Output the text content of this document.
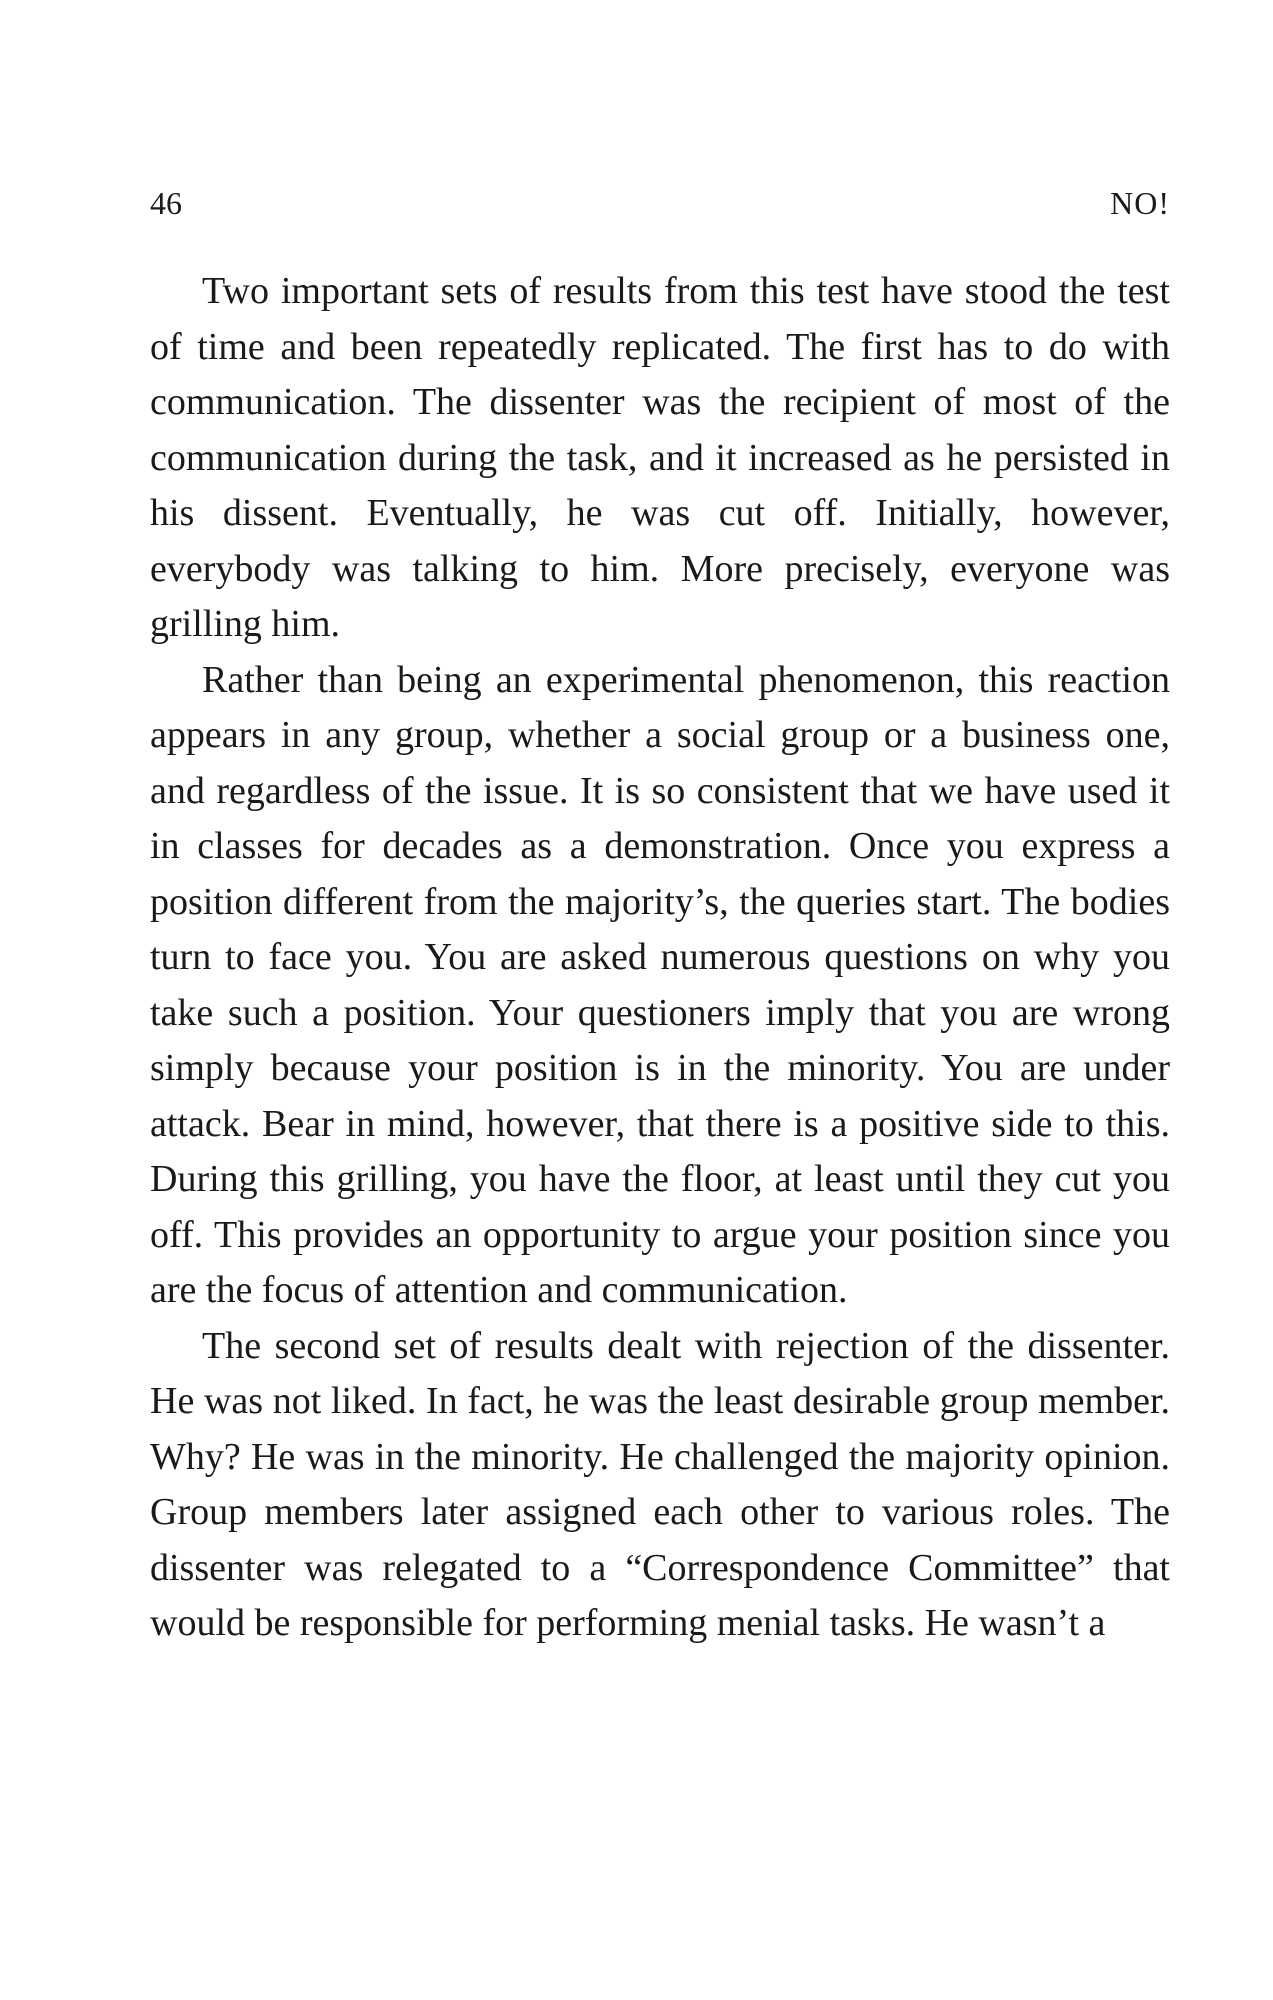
46	NO!

Two important sets of results from this test have stood the test of time and been repeatedly replicated. The first has to do with communication. The dissenter was the recipient of most of the communication during the task, and it increased as he persisted in his dissent. Eventually, he was cut off. Initially, however, everybody was talking to him. More precisely, everyone was grilling him.

Rather than being an experimental phenomenon, this reaction appears in any group, whether a social group or a business one, and regardless of the issue. It is so consistent that we have used it in classes for decades as a demonstration. Once you express a position different from the majority’s, the queries start. The bodies turn to face you. You are asked numerous questions on why you take such a position. Your questioners imply that you are wrong simply because your position is in the minority. You are under attack. Bear in mind, however, that there is a positive side to this. During this grilling, you have the floor, at least until they cut you off. This provides an opportunity to argue your position since you are the focus of attention and communication.

The second set of results dealt with rejection of the dissenter. He was not liked. In fact, he was the least desirable group member. Why? He was in the minority. He challenged the majority opinion. Group members later assigned each other to various roles. The dissenter was relegated to a “Correspondence Committee” that would be responsible for performing menial tasks. He wasn’t a
